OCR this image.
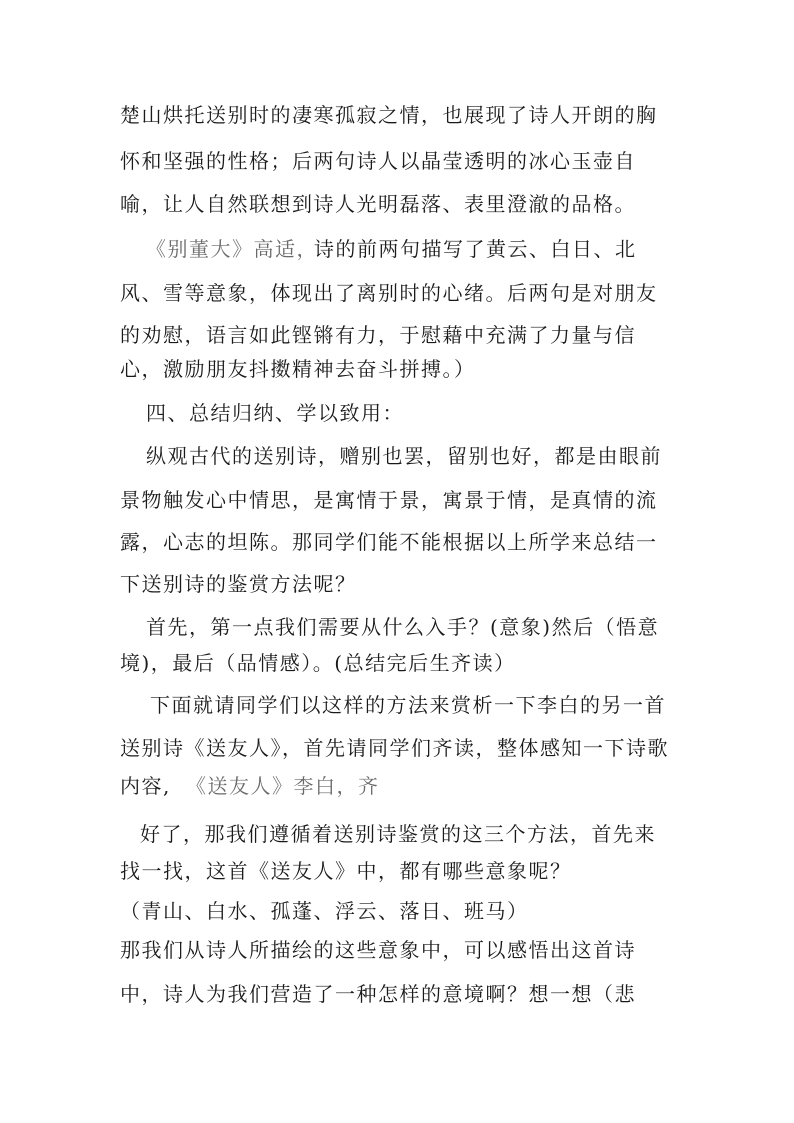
楚山烘托送别时的凄寒孤寂之情，也展现了诗人开朗的胸
怀和坚强的性格；后两句诗人以晶莹透明的冰心玉壶自
喻，让人自然联想到诗人光明磊落、表里澄澈的品格。
《别董大》高适，
诗的前两句描写了黄云、白日、北
风、雪等意象，体现出了离别时的心绪。后两句是对朋友
的劝慰，语言如此铿锵有力，于慰藉中充满了力量与信
心，激励朋友抖擞精神去奋斗拼搏。）
四、总结归纳、学以致用：
纵观古代的送别诗，赠别也罢，留别也好，都是由眼前
景物触发心中情思，是寓情于景，寓景于情，是真情的流
露，心志的坦陈。那同学们能不能根据以上所学来总结一
下送别诗的鉴赏方法呢？
首先，第一点我们需要从什么入手？(意象)然后（悟意
境)，最后（品情感）。(总结完后生齐读）
下面就请同学们以这样的方法来赏析一下李白的另一首
送别诗《送友人》，首先请同学们齐读，整体感知一下诗歌
内容, 《送友人》李白，齐
好了，那我们遵循着送别诗鉴赏的这三个方法，首先来
找一找，这首《送友人》中，都有哪些意象呢？
（青山、白水、孤蓬、浮云、落日、班马）
那我们从诗人所描绘的这些意象中，可以感悟出这首诗
中，诗人为我们营造了一种怎样的意境啊？想一想（悲
